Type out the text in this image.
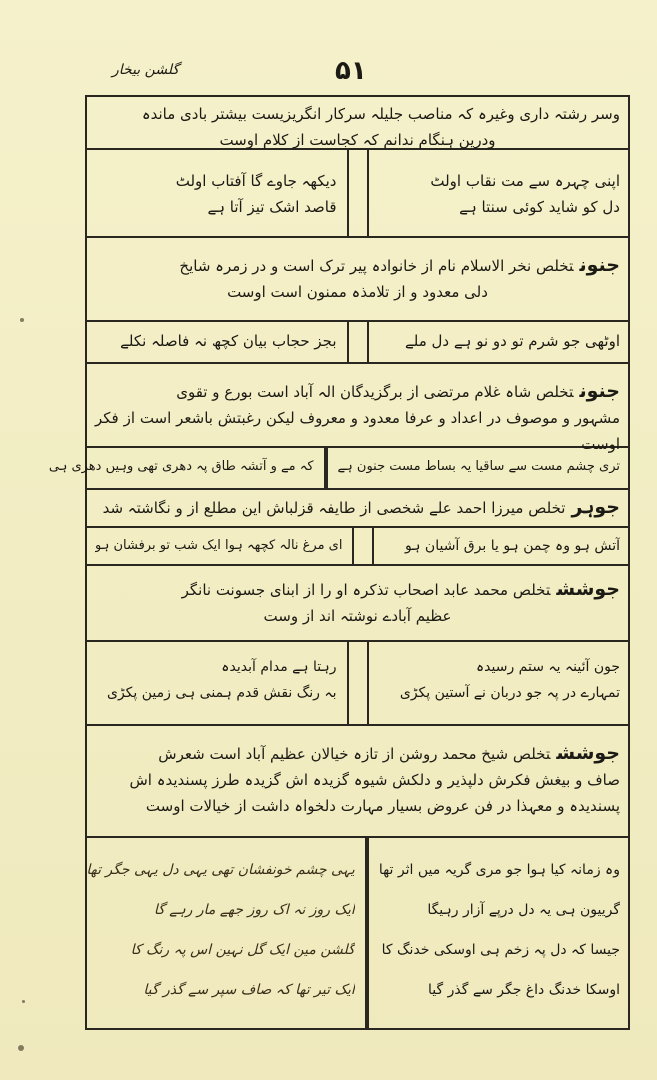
گلشن بیخار	۵۱

وسر رشتہ داری وغیرہ کہ مناصب جلیلہ سرکار انگریزیست بیشتر بادی ماندہ

ودرین ہنگام ندانم کہ کجاست از کلام اوست

اپنی چہرہ سے مت نقاب اولٹ
دل کو شاید کوئی سنتا ہے
دیکھہ جاوے گا آفتاب اولٹ
قاصد اشک تیز آتا ہے

جنونتخلص نخر الاسلام نام از خانوادہ پیر ترک است و در زمرہ شایخ

دلی معدود و از تلامذہ ممنون است اوست

اوٹھی جو شرم تو دو نو ہے دل ملے
بجز حجاب بیان کچھ نہ فاصلہ نکلے

جنونتخلص شاہ غلام مرتضی از برگزیدگان الہ آباد است بورع و تقوی

مشہور و موصوف در اعداد و عرفا معدود و معروف لیکن رغبتش باشعر است از فکر اوست

تری چشم مست سے ساقیا یہ بساط مست جنون ہے
کہ مے و آتشہ طاق پہ دھری تھی وہیں دھری ہی

جوہرتخلص میرزا احمد علے شخصی از طایفہ قزلباش این مطلع از و نگاشتہ شد

آتش ہو وہ چمن ہو یا برق آشیان ہو
ای مرغ نالہ کچھہ ہوا ایک شب تو برفشان ہو

جوششتخلص محمد عابد اصحاب تذکرہ او را از ابنای جسونت نانگر

عظیم آبادے نوشتہ اند از وست

جون آئینہ یہ ستم رسیدہ
تمہارے در پہ جو دربان نے آستین پکڑی
رہتا ہے مدام آبدیدہ
بہ رنگ نقش قدم ہمنی ہی زمین پکڑی

جوششتخلص شیخ محمد روشن از تازہ خیالان عظیم آباد است شعرش

صاف و بیغش فکرش دلپذیر و دلکش شیوہ گزیدہ اش گزیدہ طرز پسندیدہ اش

پسندیدہ و معہذا در فن عروض بسیار مہارت دلخواہ داشت از خیالات اوست

وہ زمانہ کیا ہوا جو مری گریہ میں اثر تھا
گرییون ہی یہ دل درپے آزار رہیگا
جیسا کہ دل پہ زخم ہی اوسکی خدنگ کا
اوسکا خدنگ داغ جگر سے گذر گیا
یہی چشم خونفشان تھی یہی دل یہی جگر تھا
ایک روز نہ اک روز جھے مار رہے گا
گلشن مین ایک گل نہین اس پہ رنگ کا
ایک تیر تھا کہ صاف سپر سے گذر گیا
